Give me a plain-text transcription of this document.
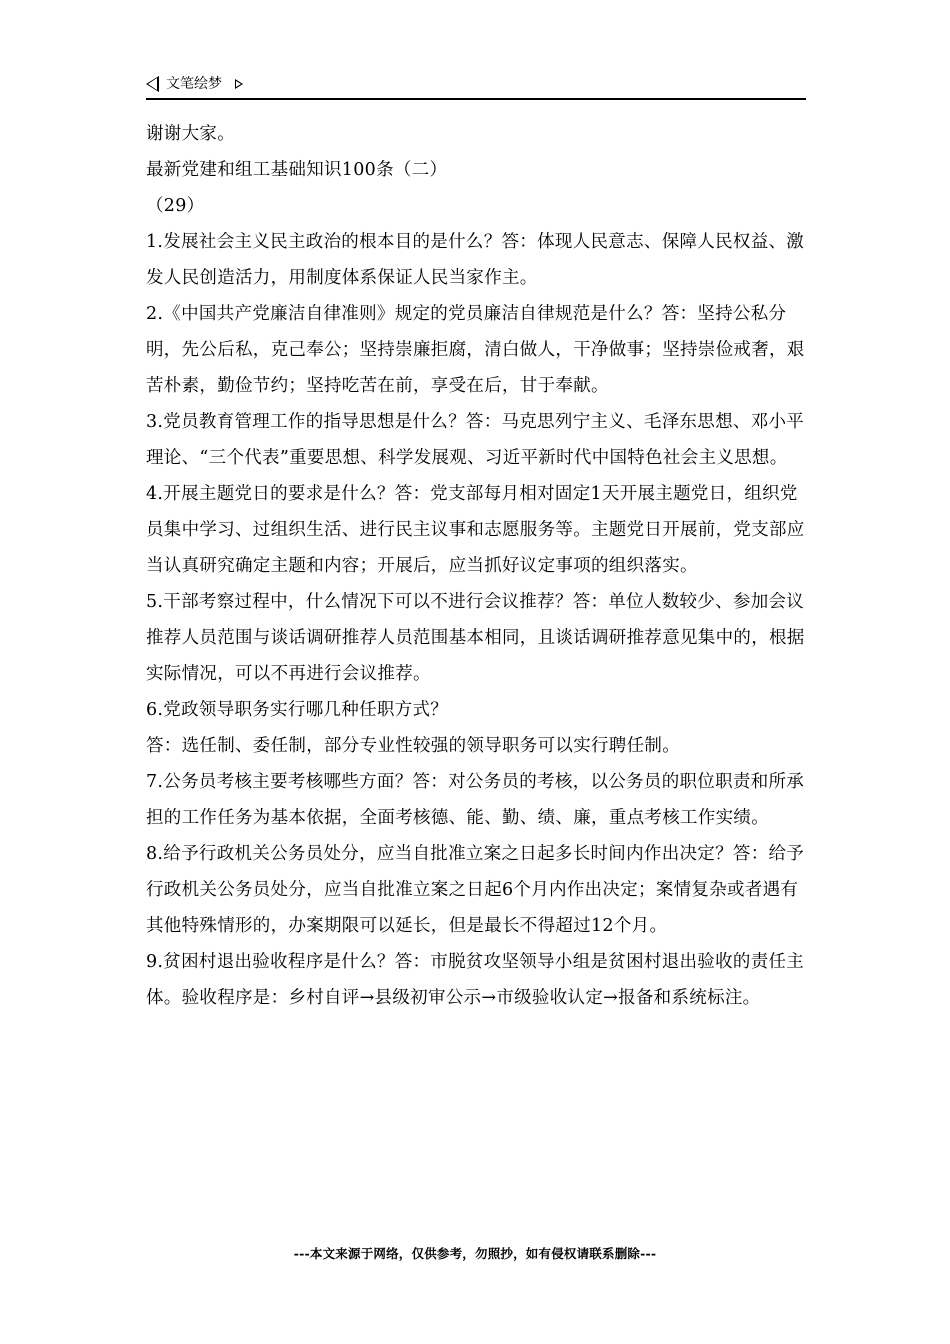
文笔绘梦

谢谢大家。

最新党建和组工基础知识100条（二）

（29）

1.发展社会主义民主政治的根本目的是什么？答：体现人民意志、保障人民权益、激发人民创造活力，用制度体系保证人民当家作主。

2.《中国共产党廉洁自律准则》规定的党员廉洁自律规范是什么？答：坚持公私分明，先公后私，克己奉公；坚持崇廉拒腐，清白做人，干净做事；坚持崇俭戒奢，艰苦朴素，勤俭节约；坚持吃苦在前，享受在后，甘于奉献。

3.党员教育管理工作的指导思想是什么？答：马克思列宁主义、毛泽东思想、邓小平理论、“三个代表”重要思想、科学发展观、习近平新时代中国特色社会主义思想。

4.开展主题党日的要求是什么？答：党支部每月相对固定1天开展主题党日，组织党员集中学习、过组织生活、进行民主议事和志愿服务等。主题党日开展前，党支部应当认真研究确定主题和内容；开展后，应当抓好议定事项的组织落实。

5.干部考察过程中，什么情况下可以不进行会议推荐？答：单位人数较少、参加会议推荐人员范围与谈话调研推荐人员范围基本相同，且谈话调研推荐意见集中的，根据实际情况，可以不再进行会议推荐。

6.党政领导职务实行哪几种任职方式？

答：选任制、委任制，部分专业性较强的领导职务可以实行聘任制。

7.公务员考核主要考核哪些方面？答：对公务员的考核，以公务员的职位职责和所承担的工作任务为基本依据，全面考核德、能、勤、绩、廉，重点考核工作实绩。

8.给予行政机关公务员处分，应当自批准立案之日起多长时间内作出决定？答：给予行政机关公务员处分，应当自批准立案之日起6个月内作出决定；案情复杂或者遇有其他特殊情形的，办案期限可以延长，但是最长不得超过12个月。

9.贫困村退出验收程序是什么？答：市脱贫攻坚领导小组是贫困村退出验收的责任主体。验收程序是：乡村自评→县级初审公示→市级验收认定→报备和系统标注。

---本文来源于网络，仅供参考，勿照抄，如有侵权请联系删除---
